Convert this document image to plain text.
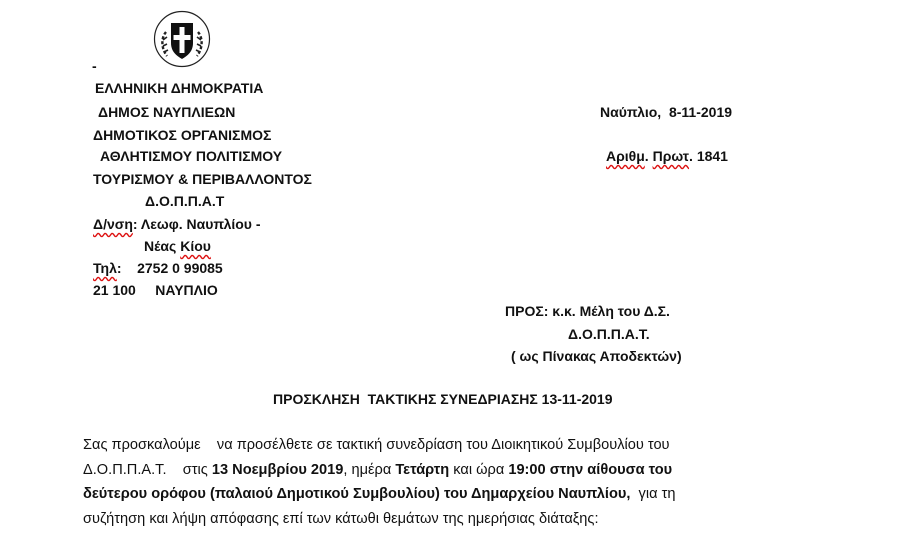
-
ΕΛΛΗΝΙΚΗ ΔΗΜΟΚΡΑΤΙΑ
ΔΗΜΟΣ ΝΑΥΠΛΙΕΩΝ
ΔΗΜΟΤΙΚΟΣ ΟΡΓΑΝΙΣΜΟΣ
ΑΘΛΗΤΙΣΜΟΥ ΠΟΛΙΤΙΣΜΟΥ
ΤΟΥΡΙΣΜΟΥ & ΠΕΡΙΒΑΛΛΟΝΤΟΣ
Δ.Ο.Π.Π.Α.Τ
Δ/νση: Λεωφ. Ναυπλίου -
Νέας Κίου
Τηλ:    2752 0 99085
21 100     ΝΑΥΠΛΙΟ
Ναύπλιο,  8-11-2019
Αριθμ. Πρωτ. 1841
ΠΡΟΣ: κ.κ. Μέλη του Δ.Σ.
Δ.Ο.Π.Π.Α.Τ.
( ως Πίνακας Αποδεκτών)
ΠΡΟΣΚΛΗΣΗ  ΤΑΚΤΙΚΗΣ ΣΥΝΕΔΡΙΑΣΗΣ 13-11-2019
Σας προσκαλούμε    να προσέλθετε σε τακτική συνεδρίαση του Διοικητικού Συμβουλίου του
Δ.Ο.Π.Π.Α.Τ.    στις 13 Νοεμβρίου 2019, ημέρα Τετάρτη και ώρα 19:00 στην αίθουσα του
δεύτερου ορόφου (παλαιού Δημοτικού Συμβουλίου) του Δημαρχείου Ναυπλίου,  για τη
συζήτηση και λήψη απόφασης επί των κάτωθι θεμάτων της ημερήσιας διάταξης:
